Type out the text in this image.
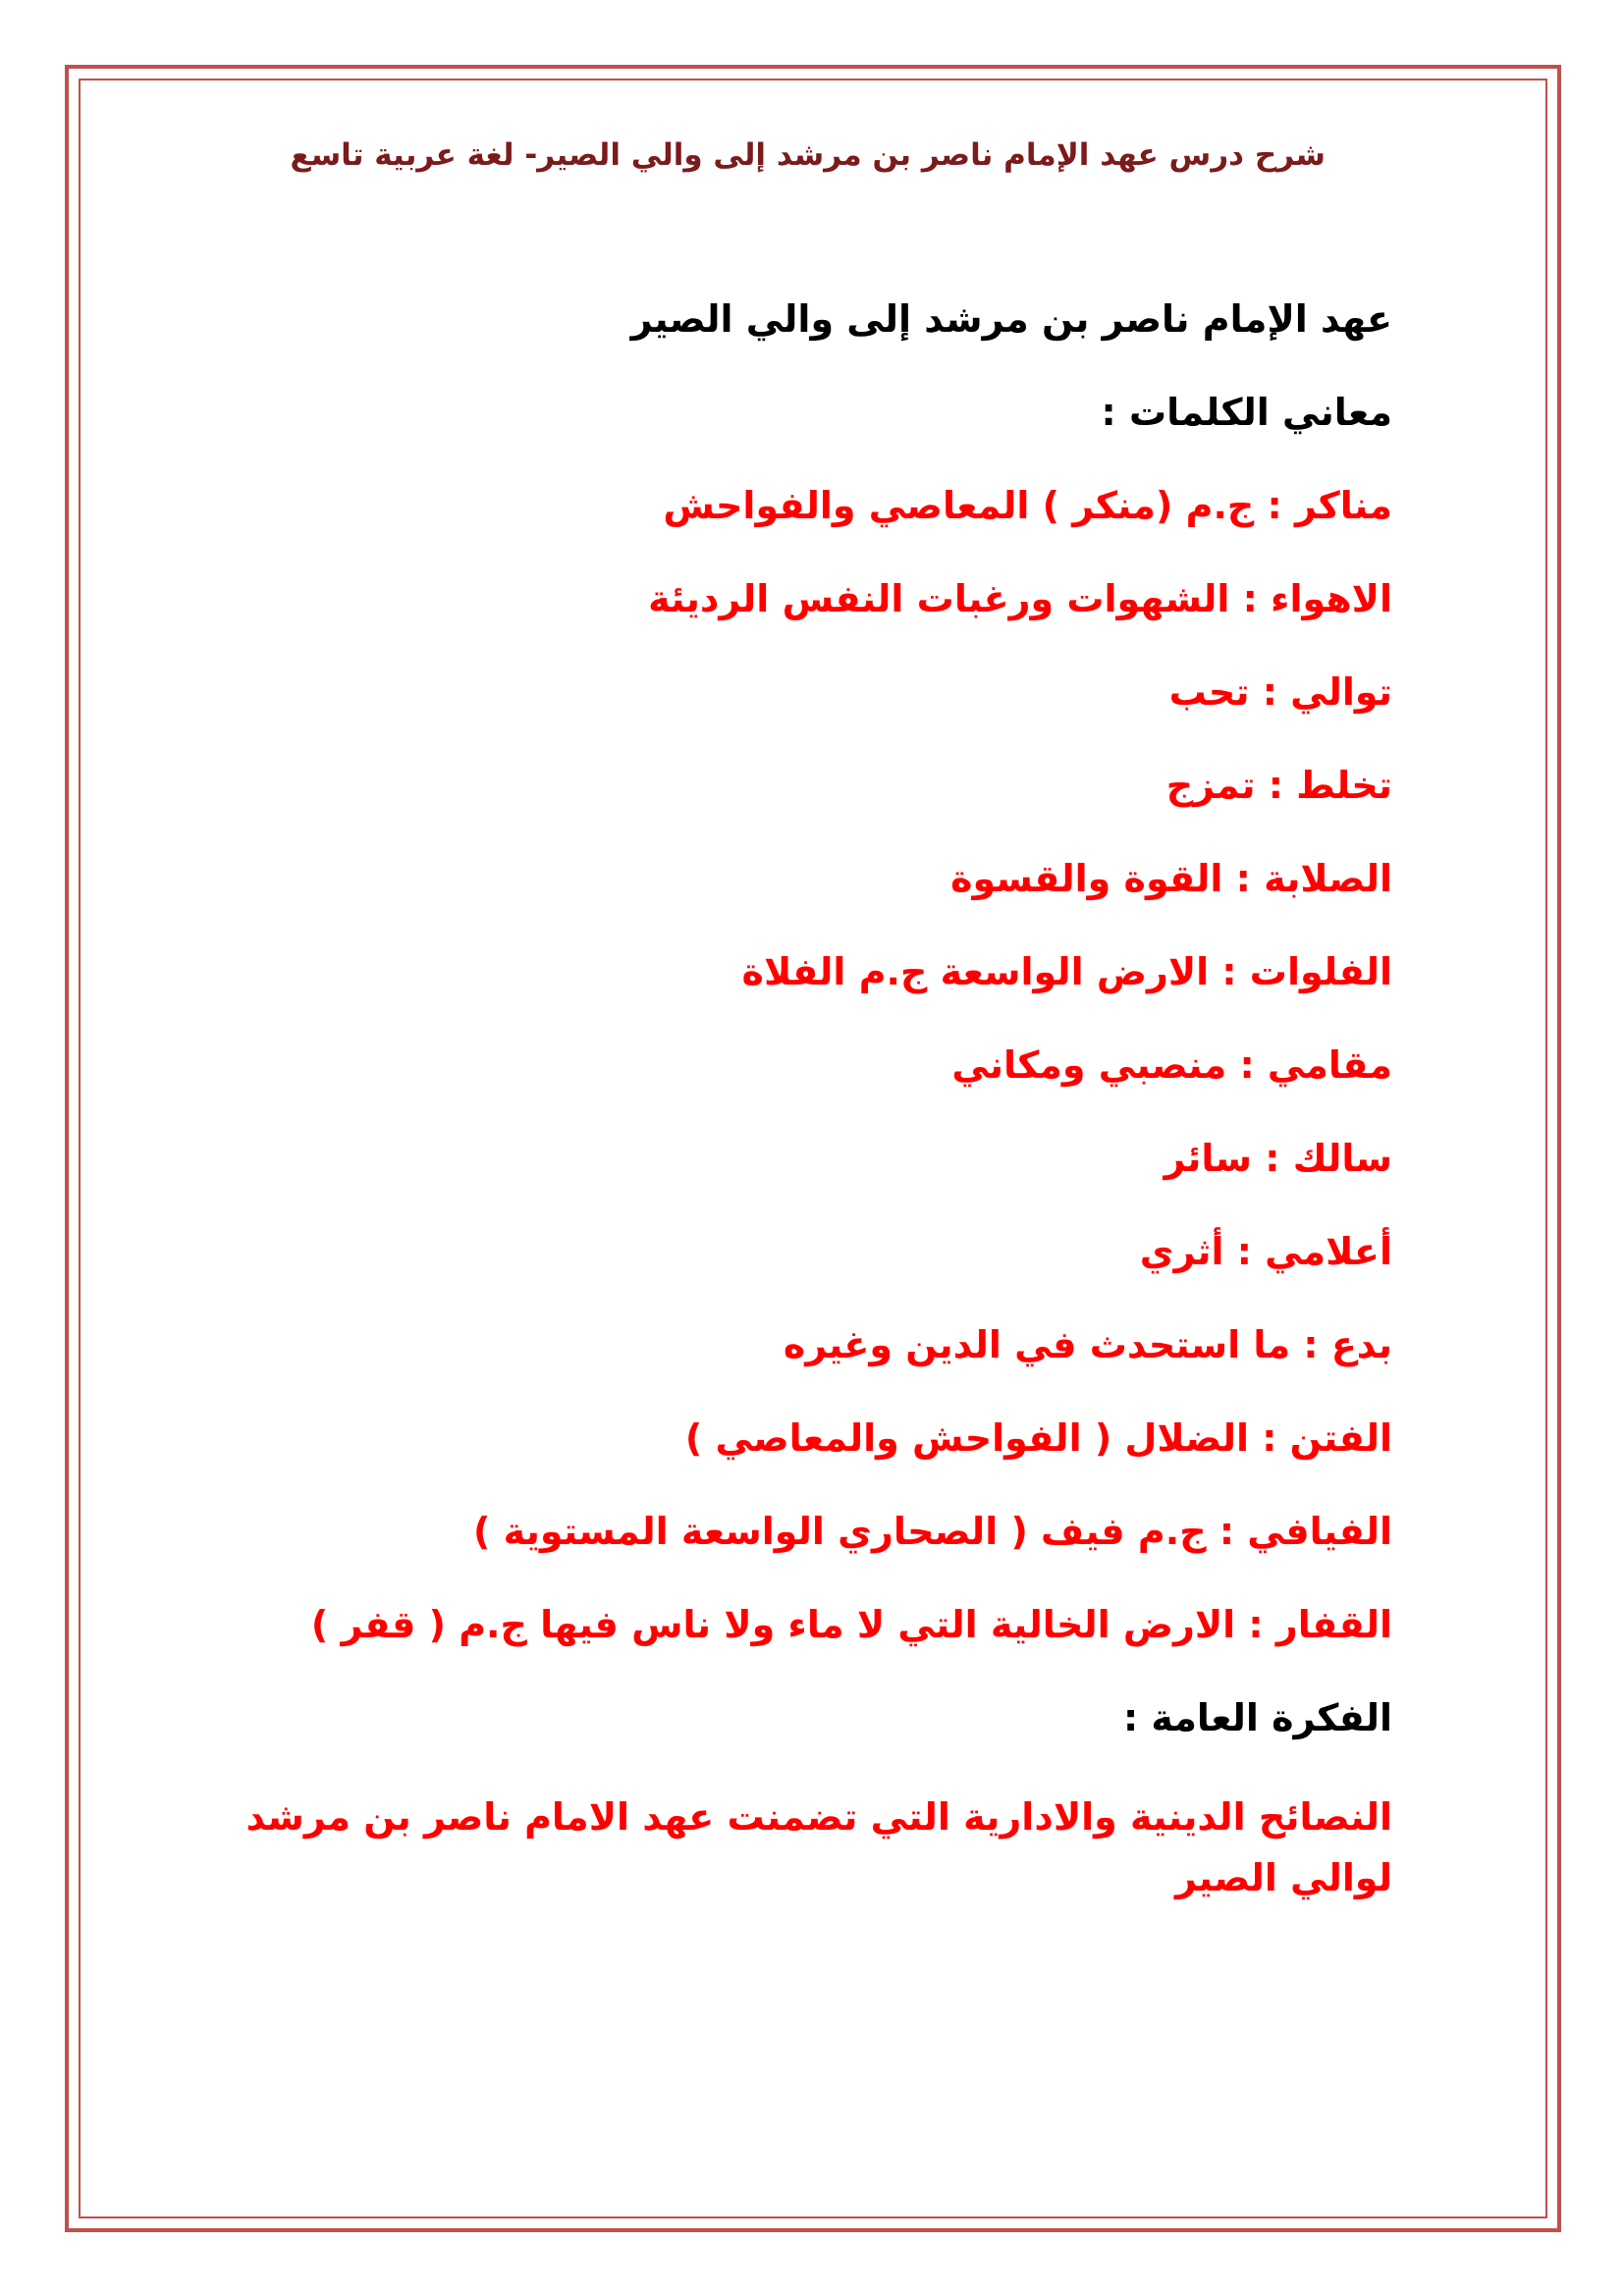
شرح درس عهد الإمام ناصر بن مرشد إلى والي الصير- لغة عربية تاسع
عهد الإمام ناصر بن مرشد إلى والي الصير
معاني الكلمات :
مناكر : ج.م (منكر ) المعاصي والفواحش
الاهواء : الشهوات ورغبات النفس الرديئة
توالي : تحب
تخلط : تمزج
الصلابة : القوة والقسوة
الفلوات : الارض الواسعة ج.م الفلاة
مقامي : منصبي ومكاني
سالك : سائر
أعلامي : أثري
بدع : ما استحدث في الدين وغيره
الفتن : الضلال ( الفواحش والمعاصي )
الفيافي : ج.م فيف ( الصحاري الواسعة المستوية )
القفار : الارض الخالية التي لا ماء ولا ناس فيها ج.م ( قفر )
الفكرة العامة :
النصائح الدينية والادارية التي تضمنت عهد الامام ناصر بن مرشد لوالي الصير
